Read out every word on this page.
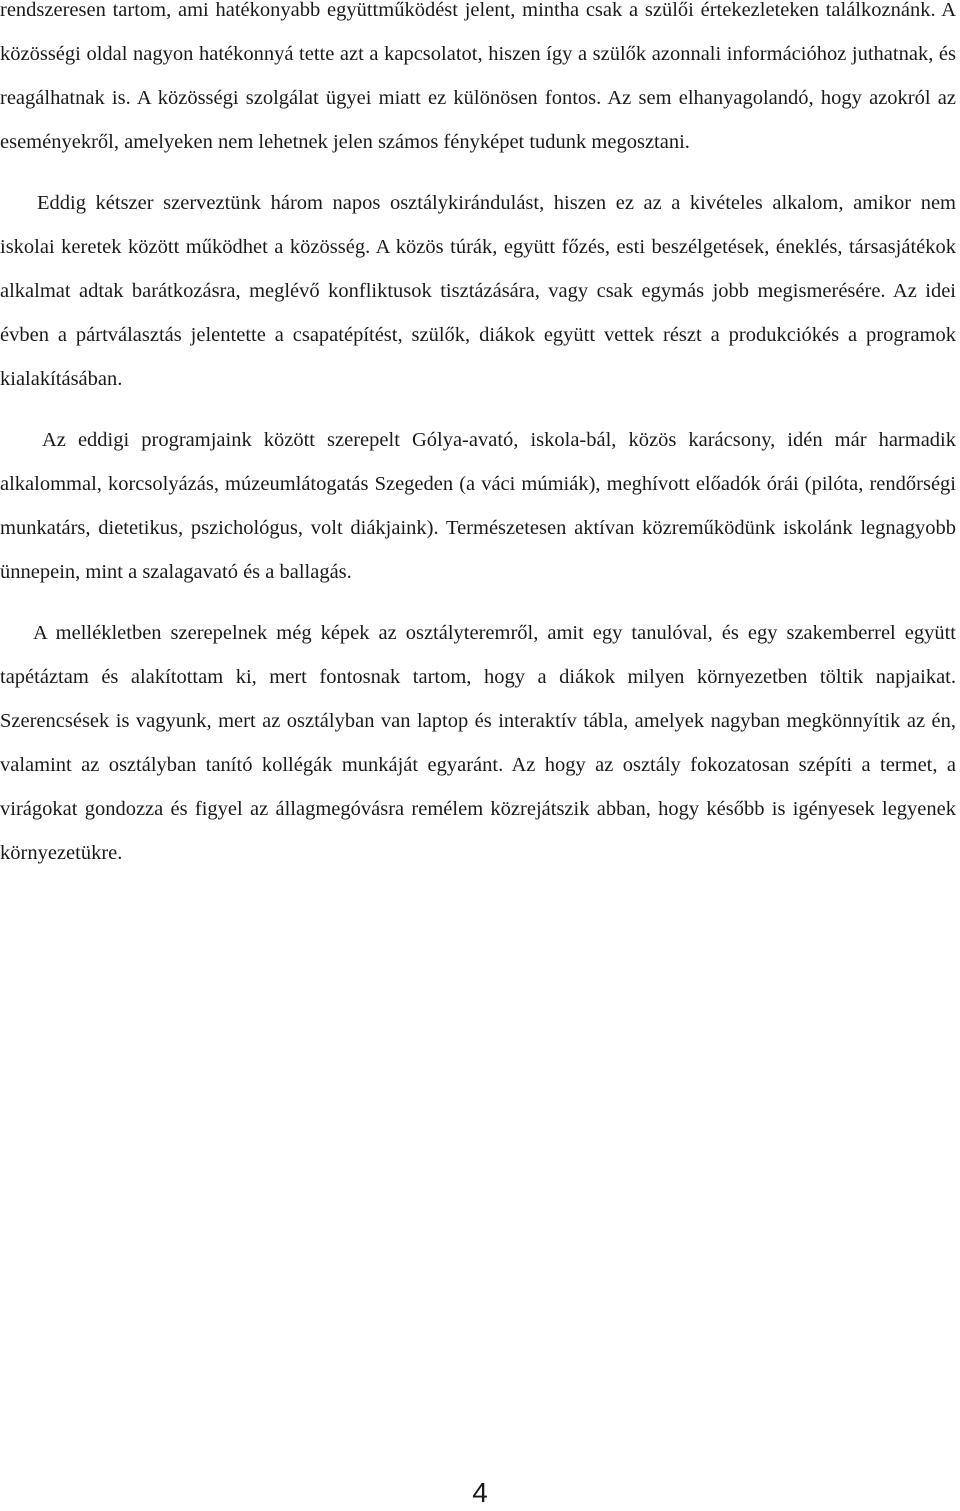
rendszeresen tartom, ami hatékonyabb együttműködést jelent, mintha csak a szülői értekezleteken találkoznánk. A közösségi oldal nagyon hatékonnyá tette azt a kapcsolatot, hiszen így a szülők azonnali információhoz juthatnak, és reagálhatnak is. A közösségi szolgálat ügyei miatt ez különösen fontos. Az sem elhanyagolandó, hogy azokról az eseményekről, amelyeken nem lehetnek jelen számos fényképet tudunk megosztani.

Eddig kétszer szerveztünk három napos osztálykirándulást, hiszen ez az a kivételes alkalom, amikor nem iskolai keretek között működhet a közösség. A közös túrák, együtt főzés, esti beszélgetések, éneklés, társasjátékok alkalmat adtak barátkozásra, meglévő konfliktusok tisztázására, vagy csak egymás jobb megismerésére. Az idei évben a pártválasztás jelentette a csapatépítést, szülők, diákok együtt vettek részt a produkciókés a programok kialakításában.

Az eddigi programjaink között szerepelt Gólya-avató, iskola-bál, közös karácsony, idén már harmadik alkalommal, korcsolyázás, múzeumlátogatás Szegeden (a váci múmiák), meghívott előadók órái (pilóta, rendőrségi munkatárs, dietetikus, pszichológus, volt diákjaink). Természetesen aktívan közreműködünk iskolánk legnagyobb ünnepein, mint a szalagavató és a ballagás.

A mellékletben szerepelnek még képek az osztályteremről, amit egy tanulóval, és egy szakemberrel együtt tapétáztam és alakítottam ki, mert fontosnak tartom, hogy a diákok milyen környezetben töltik napjaikat. Szerencsések is vagyunk, mert az osztályban van laptop és interaktív tábla, amelyek nagyban megkönnyítik az én, valamint az osztályban tanító kollégák munkáját egyaránt. Az hogy az osztály fokozatosan szépíti a termet, a virágokat gondozza és figyel az állagmegóvásra remélem közrejátszik abban, hogy később is igényesek legyenek környezetükre.

4
